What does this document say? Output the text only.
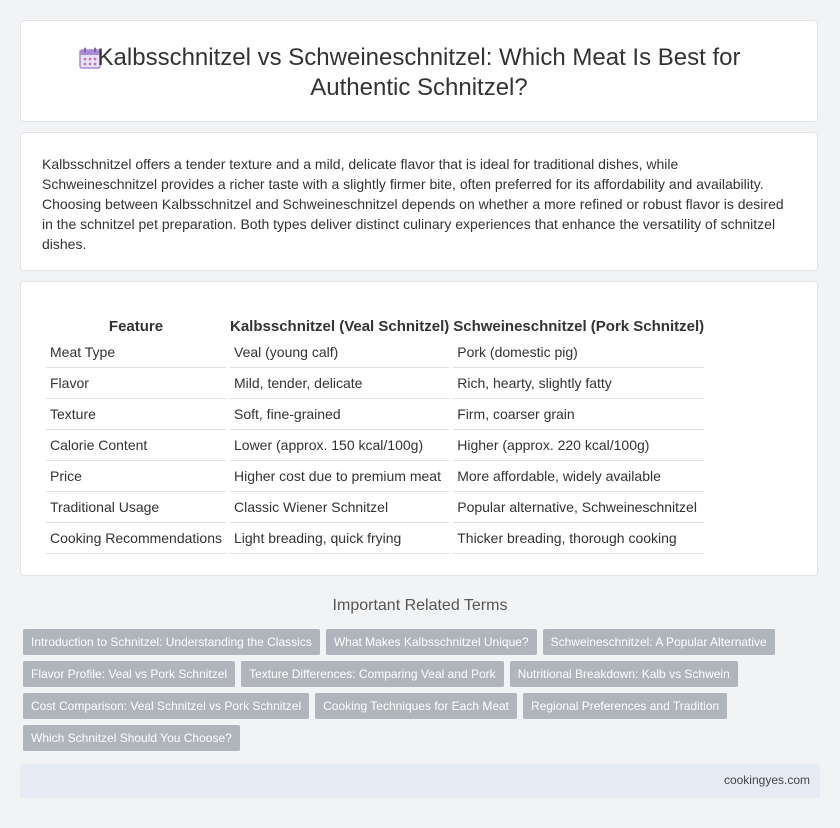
Kalbsschnitzel vs Schweineschnitzel: Which Meat Is Best for
Authentic Schnitzel?

Kalbsschnitzel offers a tender texture and a mild, delicate flavor that is ideal for traditional dishes, while Schweineschnitzel provides a richer taste with a slightly firmer bite, often preferred for its affordability and availability. Choosing between Kalbsschnitzel and Schweineschnitzel depends on whether a more refined or robust flavor is desired in the schnitzel pet preparation. Both types deliver distinct culinary experiences that enhance the versatility of schnitzel dishes.

Feature	Kalbsschnitzel (Veal Schnitzel)	Schweineschnitzel (Pork Schnitzel)
Meat Type	Veal (young calf)	Pork (domestic pig)
Flavor	Mild, tender, delicate	Rich, hearty, slightly fatty
Texture	Soft, fine-grained	Firm, coarser grain
Calorie Content	Lower (approx. 150 kcal/100g)	Higher (approx. 220 kcal/100g)
Price	Higher cost due to premium meat	More affordable, widely available
Traditional Usage	Classic Wiener Schnitzel	Popular alternative, Schweineschnitzel
Cooking Recommendations	Light breading, quick frying	Thicker breading, thorough cooking
Important Related Terms
Introduction to Schnitzel: Understanding the Classics	What Makes Kalbsschnitzel Unique?	Schweineschnitzel: A Popular Alternative
Flavor Profile: Veal vs Pork Schnitzel	Texture Differences: Comparing Veal and Pork	Nutritional Breakdown: Kalb vs Schwein
Cost Comparison: Veal Schnitzel vs Pork Schnitzel	Cooking Techniques for Each Meat	Regional Preferences and Tradition
Which Schnitzel Should You Choose?
cookingyes.com
